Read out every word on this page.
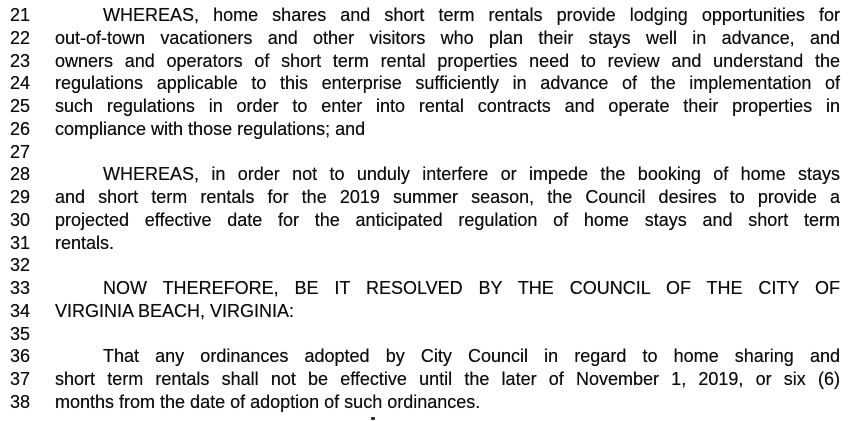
21	WHEREAS, home shares and short term rentals provide lodging opportunities for
22	out-of-town vacationers and other visitors who plan their stays well in advance, and
23	owners and operators of short term rental properties need to review and understand the
24	regulations applicable to this enterprise sufficiently in advance of the implementation of
25	such regulations in order to enter into rental contracts and operate their properties in
26	compliance with those regulations; and
27
28	WHEREAS, in order not to unduly interfere or impede the booking of home stays
29	and short term rentals for the 2019 summer season, the Council desires to provide a
30	projected effective date for the anticipated regulation of home stays and short term
31	rentals.
32
33	NOW THEREFORE, BE IT RESOLVED BY THE COUNCIL OF THE CITY OF
34	VIRGINIA BEACH, VIRGINIA:
35
36	That any ordinances adopted by City Council in regard to home sharing and
37	short term rentals shall not be effective until the later of November 1, 2019, or six (6)
38	months from the date of adoption of such ordinances.
